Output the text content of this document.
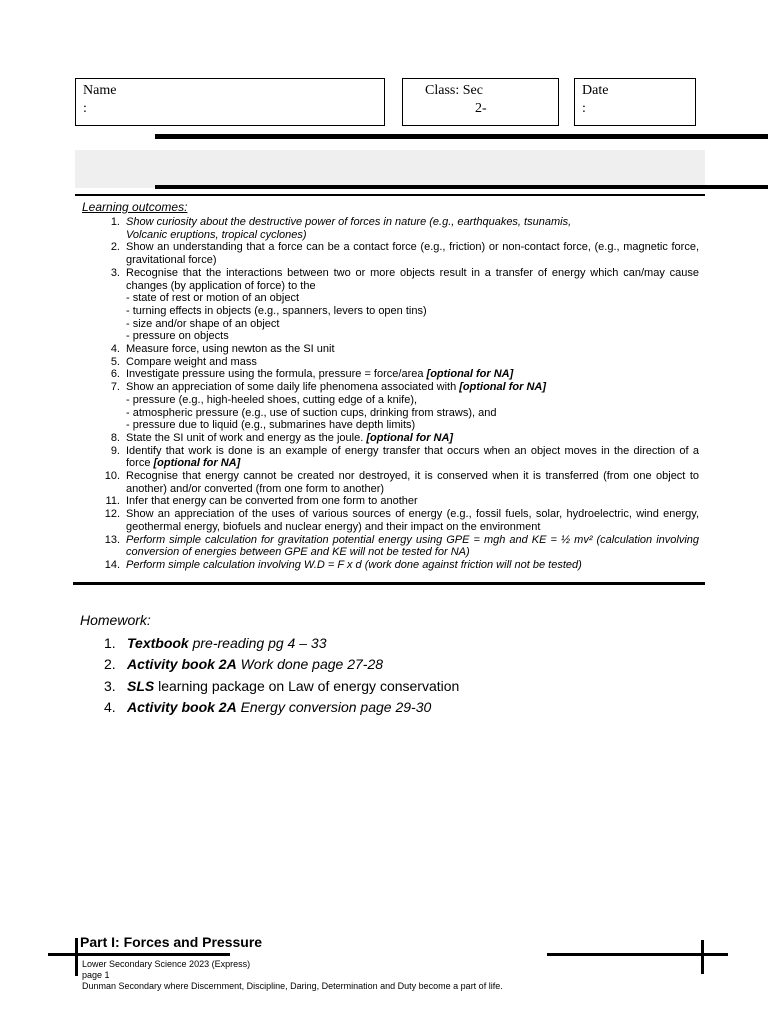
Name
:
Class: Sec
2-
Date
:
Learning outcomes:
1. Show curiosity about the destructive power of forces in nature (e.g., earthquakes, tsunamis,
Volcanic eruptions, tropical cyclones)
2. Show an understanding that a force can be a contact force (e.g., friction) or non-contact force, (e.g., magnetic force, gravitational force)
3. Recognise that the interactions between two or more objects result in a transfer of energy which can/may cause changes (by application of force) to the
- state of rest or motion of an object
- turning effects in objects (e.g., spanners, levers to open tins)
- size and/or shape of an object
- pressure on objects
4. Measure force, using newton as the SI unit
5. Compare weight and mass
6. Investigate pressure using the formula, pressure = force/area [optional for NA]
7. Show an appreciation of some daily life phenomena associated with [optional for NA]
- pressure (e.g., high-heeled shoes, cutting edge of a knife),
- atmospheric pressure (e.g., use of suction cups, drinking from straws), and
- pressure due to liquid (e.g., submarines have depth limits)
8. State the SI unit of work and energy as the joule. [optional for NA]
9. Identify that work is done is an example of energy transfer that occurs when an object moves in the direction of a force [optional for NA]
10. Recognise that energy cannot be created nor destroyed, it is conserved when it is transferred (from one object to another) and/or converted (from one form to another)
11. Infer that energy can be converted from one form to another
12. Show an appreciation of the uses of various sources of energy (e.g., fossil fuels, solar, hydroelectric, wind energy, geothermal energy, biofuels and nuclear energy) and their impact on the environment
13. Perform simple calculation for gravitation potential energy using GPE = mgh and KE = ½ mv² (calculation involving conversion of energies between GPE and KE will not be tested for NA)
14. Perform simple calculation involving W.D = F x d (work done against friction will not be tested)
Homework:
1. Textbook pre-reading pg 4 – 33
2. Activity book 2A Work done page 27-28
3. SLS learning package on Law of energy conservation
4. Activity book 2A Energy conversion page 29-30
Part I: Forces and Pressure
Lower Secondary Science 2023 (Express)
page 1
Dunman Secondary where Discernment, Discipline, Daring, Determination and Duty become a part of life.
